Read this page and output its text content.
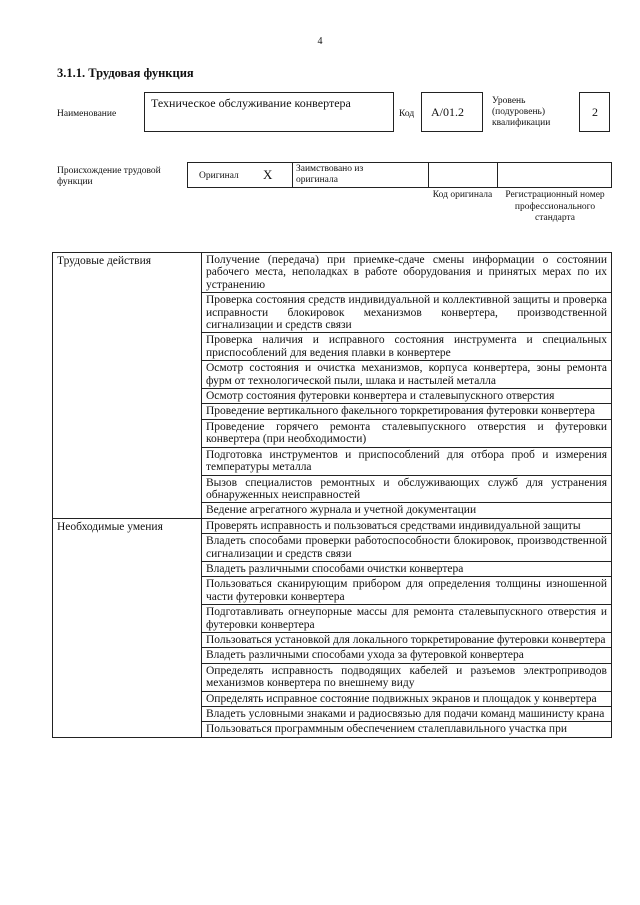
4
3.1.1. Трудовая функция
Наименование
Техническое обслуживание конвертера
Код	А/01.2
Уровень (подуровень) квалификации
2
Происхождение трудовой функции
Оригинал Х Заимствовано из оригинала
Код оригинала	Регистрационный номер профессионального стандарта
Трудовые действия	Получение (передача) при приемке-сдаче смены информации о состоянии рабочего места, неполадках в работе оборудования и принятых мерах по их устранению
	Проверка состояния средств индивидуальной и коллективной защиты и проверка исправности блокировок механизмов конвертера, производственной сигнализации и средств связи
	Проверка наличия и исправного состояния инструмента и специальных приспособлений для ведения плавки в конвертере
	Осмотр состояния и очистка механизмов, корпуса конвертера, зоны ремонта фурм от технологической пыли, шлака и настылей металла
	Осмотр состояния футеровки конвертера и сталевыпускного отверстия
	Проведение вертикального факельного торкретирования футеровки конвертера
	Проведение горячего ремонта сталевыпускного отверстия и футеровки конвертера (при необходимости)
	Подготовка инструментов и приспособлений для отбора проб и измерения температуры металла
	Вызов специалистов ремонтных и обслуживающих служб для устранения обнаруженных неисправностей
	Ведение агрегатного журнала и учетной документации
Необходимые умения	Проверять исправность и пользоваться средствами индивидуальной защиты
	Владеть способами проверки работоспособности блокировок, производственной сигнализации и средств связи
	Владеть различными способами очистки конвертера
	Пользоваться сканирующим прибором для определения толщины изношенной части футеровки конвертера
	Подготавливать огнеупорные массы для ремонта сталевыпускного отверстия и футеровки конвертера
	Пользоваться установкой для локального торкретирование футеровки конвертера
	Владеть различными способами ухода за футеровкой конвертера
	Определять исправность подводящих кабелей и разъемов электроприводов механизмов конвертера по внешнему виду
	Определять исправное состояние подвижных экранов и площадок у конвертера
	Владеть условными знаками и радиосвязью для подачи команд машинисту крана
	Пользоваться программным обеспечением сталеплавильного участка при
